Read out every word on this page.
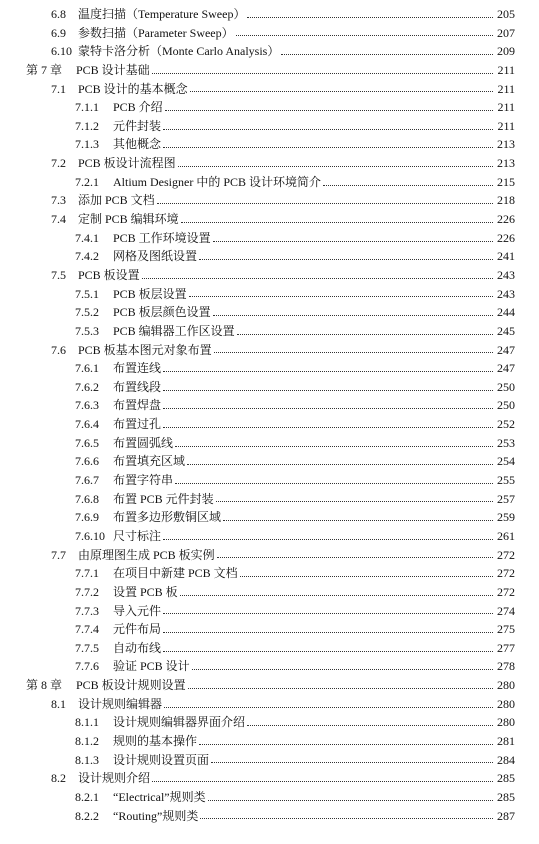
6.8	温度扫描（Temperature Sweep）	205
6.9	参数扫描（Parameter Sweep）	207
6.10 蒙特卡洛分析（Monte Carlo Analysis）	209
第 7 章	PCB 设计基础	211
7.1	PCB 设计的基本概念	211
7.1.1	PCB 介绍	211
7.1.2	元件封装	211
7.1.3	其他概念	213
7.2	PCB 板设计流程图	213
7.2.1	Altium Designer 中的 PCB 设计环境简介	215
7.3	添加 PCB 文档	218
7.4	定制 PCB 编辑环境	226
7.4.1	PCB 工作环境设置	226
7.4.2	网格及图纸设置	241
7.5	PCB 板设置	243
7.5.1	PCB 板层设置	243
7.5.2	PCB 板层颜色设置	244
7.5.3	PCB 编辑器工作区设置	245
7.6	PCB 板基本图元对象布置	247
7.6.1	布置连线	247
7.6.2	布置线段	250
7.6.3	布置焊盘	250
7.6.4	布置过孔	252
7.6.5	布置圆弧线	253
7.6.6	布置填充区域	254
7.6.7	布置字符串	255
7.6.8	布置 PCB 元件封装	257
7.6.9	布置多边形敷铜区域	259
7.6.10 尺寸标注	261
7.7	由原理图生成 PCB 板实例	272
7.7.1	在项目中新建 PCB 文档	272
7.7.2	设置 PCB 板	272
7.7.3	导入元件	274
7.7.4	元件布局	275
7.7.5	自动布线	277
7.7.6	验证 PCB 设计	278
第 8 章	PCB 板设计规则设置	280
8.1	设计规则编辑器	280
8.1.1	设计规则编辑器界面介绍	280
8.1.2	规则的基本操作	281
8.1.3	设计规则设置页面	284
8.2	设计规则介绍	285
8.2.1	“Electrical”规则类	285
8.2.2	“Routing”规则类	287
